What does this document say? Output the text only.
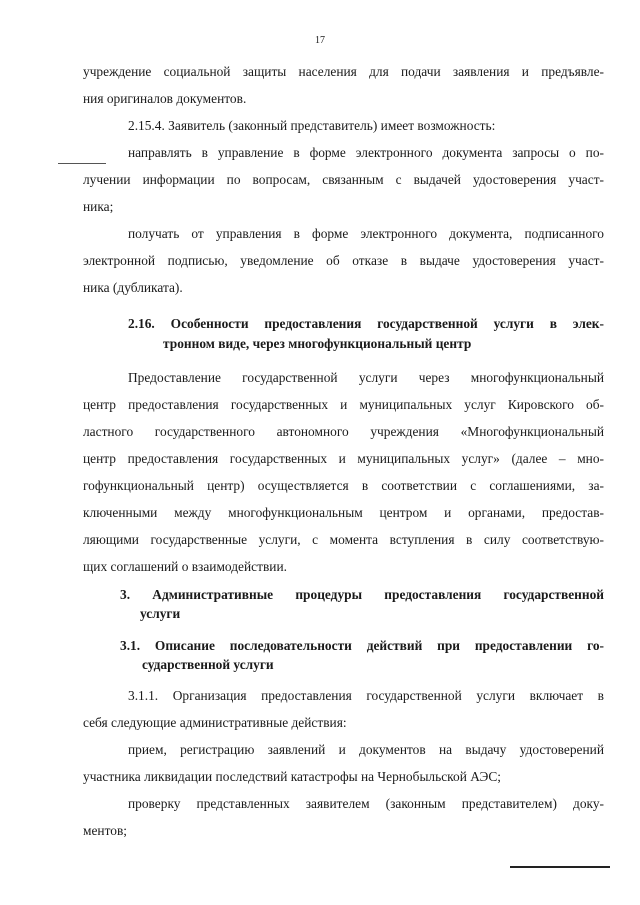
17
учреждение социальной защиты населения для подачи заявления и предъявле-
ния оригиналов документов.
2.15.4. Заявитель (законный представитель) имеет возможность:
направлять в управление в форме электронного документа запросы о по-
лучении информации по вопросам, связанным с выдачей удостоверения участ-
ника;
получать от управления в форме электронного документа, подписанного
электронной подписью, уведомление об отказе в выдаче удостоверения участ-
ника (дубликата).
2.16. Особенности предоставления государственной услуги в элек-
тронном виде, через многофункциональный центр
Предоставление государственной услуги через многофункциональный
центр предоставления государственных и муниципальных услуг Кировского об-
ластного государственного автономного учреждения «Многофункциональный
центр предоставления государственных и муниципальных услуг» (далее – мно-
гофункциональный центр) осуществляется в соответствии с соглашениями, за-
ключенными между многофункциональным центром и органами, предостав-
ляющими государственные услуги, с момента вступления в силу соответствую-
щих соглашений о взаимодействии.
3. Административные процедуры предоставления государственной
услуги
3.1. Описание последовательности действий при предоставлении го-
сударственной услуги
3.1.1. Организация предоставления государственной услуги включает в
себя следующие административные действия:
прием, регистрацию заявлений и документов на выдачу удостоверений
участника ликвидации последствий катастрофы на Чернобыльской АЭС;
проверку представленных заявителем (законным представителем) доку-
ментов;
